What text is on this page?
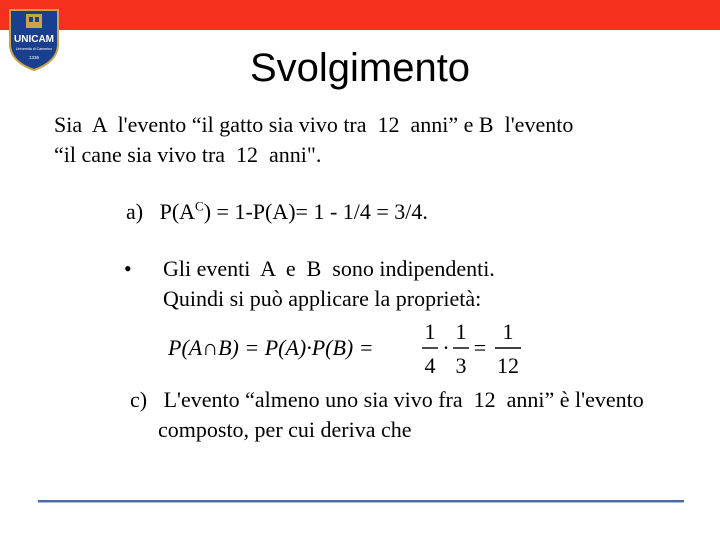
UNICAM
Università di Camerino
1336	Svolgimento
Sia  A  l'evento “il gatto sia vivo tra  12  anni” e B  l'evento
“il cane sia vivo tra  12  anni".
a)   $P(A^C) = 1-P(A)= 1 - 1/4 = 3/4$.
• Gli eventi  A  e  B  sono indipendenti.
Quindi si può applicare la proprietà:
P(A∩B) = P(A)·P(B) =
1
4
·
1
3
=
1
12
c)   L'evento “almeno uno sia vivo fra  12  anni” è l'evento
composto, per cui deriva che
